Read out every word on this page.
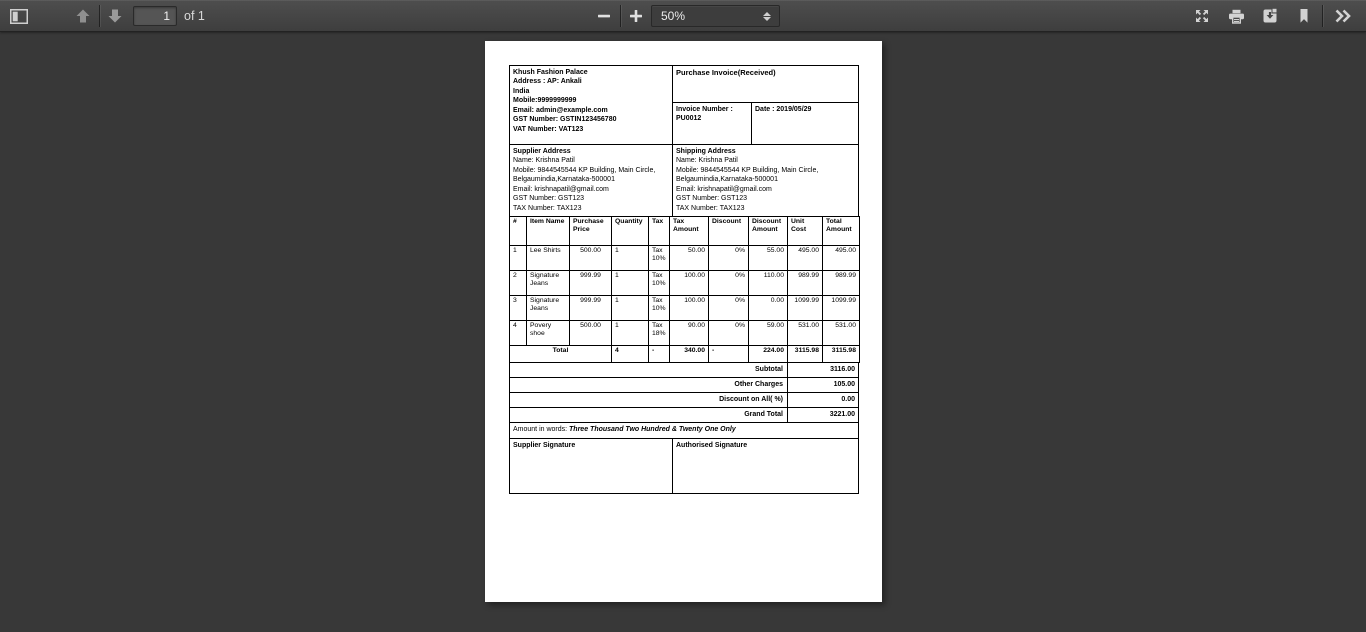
1
of 1	50%
Khush Fashion Palace
Address : AP: Ankali
India
Mobile:9999999999
Email: admin@example.com
GST Number: GSTIN123456780
VAT Number: VAT123
Purchase Invoice(Received)
Invoice Number :
PU0012
Date : 2019/05/29
Supplier Address
Name: Krishna Patil
Mobile: 9844545544 KP Building, Main Circle, Belgaumindia,Karnataka-500001
Email: krishnapatil@gmail.com
GST Number: GST123
TAX Number: TAX123
Shipping Address
Name: Krishna Patil
Mobile: 9844545544 KP Building, Main Circle, Belgaumindia,Karnataka-500001
Email: krishnapatil@gmail.com
GST Number: GST123
TAX Number: TAX123
#	Item Name	Purchase Price	Quantity	Tax	Tax Amount	Discount	Discount Amount	Unit Cost	Total Amount
1	Lee Shirts	500.00	1	Tax 10%	50.00	0%	55.00	495.00	495.00
2	Signature Jeans	999.99	1	Tax 10%	100.00	0%	110.00	989.99	989.99
3	Signature Jeans	999.99	1	Tax 10%	100.00	0%	0.00	1099.99	1099.99
4	Povery shoe	500.00	1	Tax 18%	90.00	0%	59.00	531.00	531.00
Total			4	-	340.00	-	224.00	3115.98	3115.98
Subtotal	3116.00
Other Charges	105.00
Discount on All( %)	0.00
Grand Total	3221.00
Amount in words: Three Thousand Two Hundred & Twenty One Only
Supplier Signature	Authorised Signature
